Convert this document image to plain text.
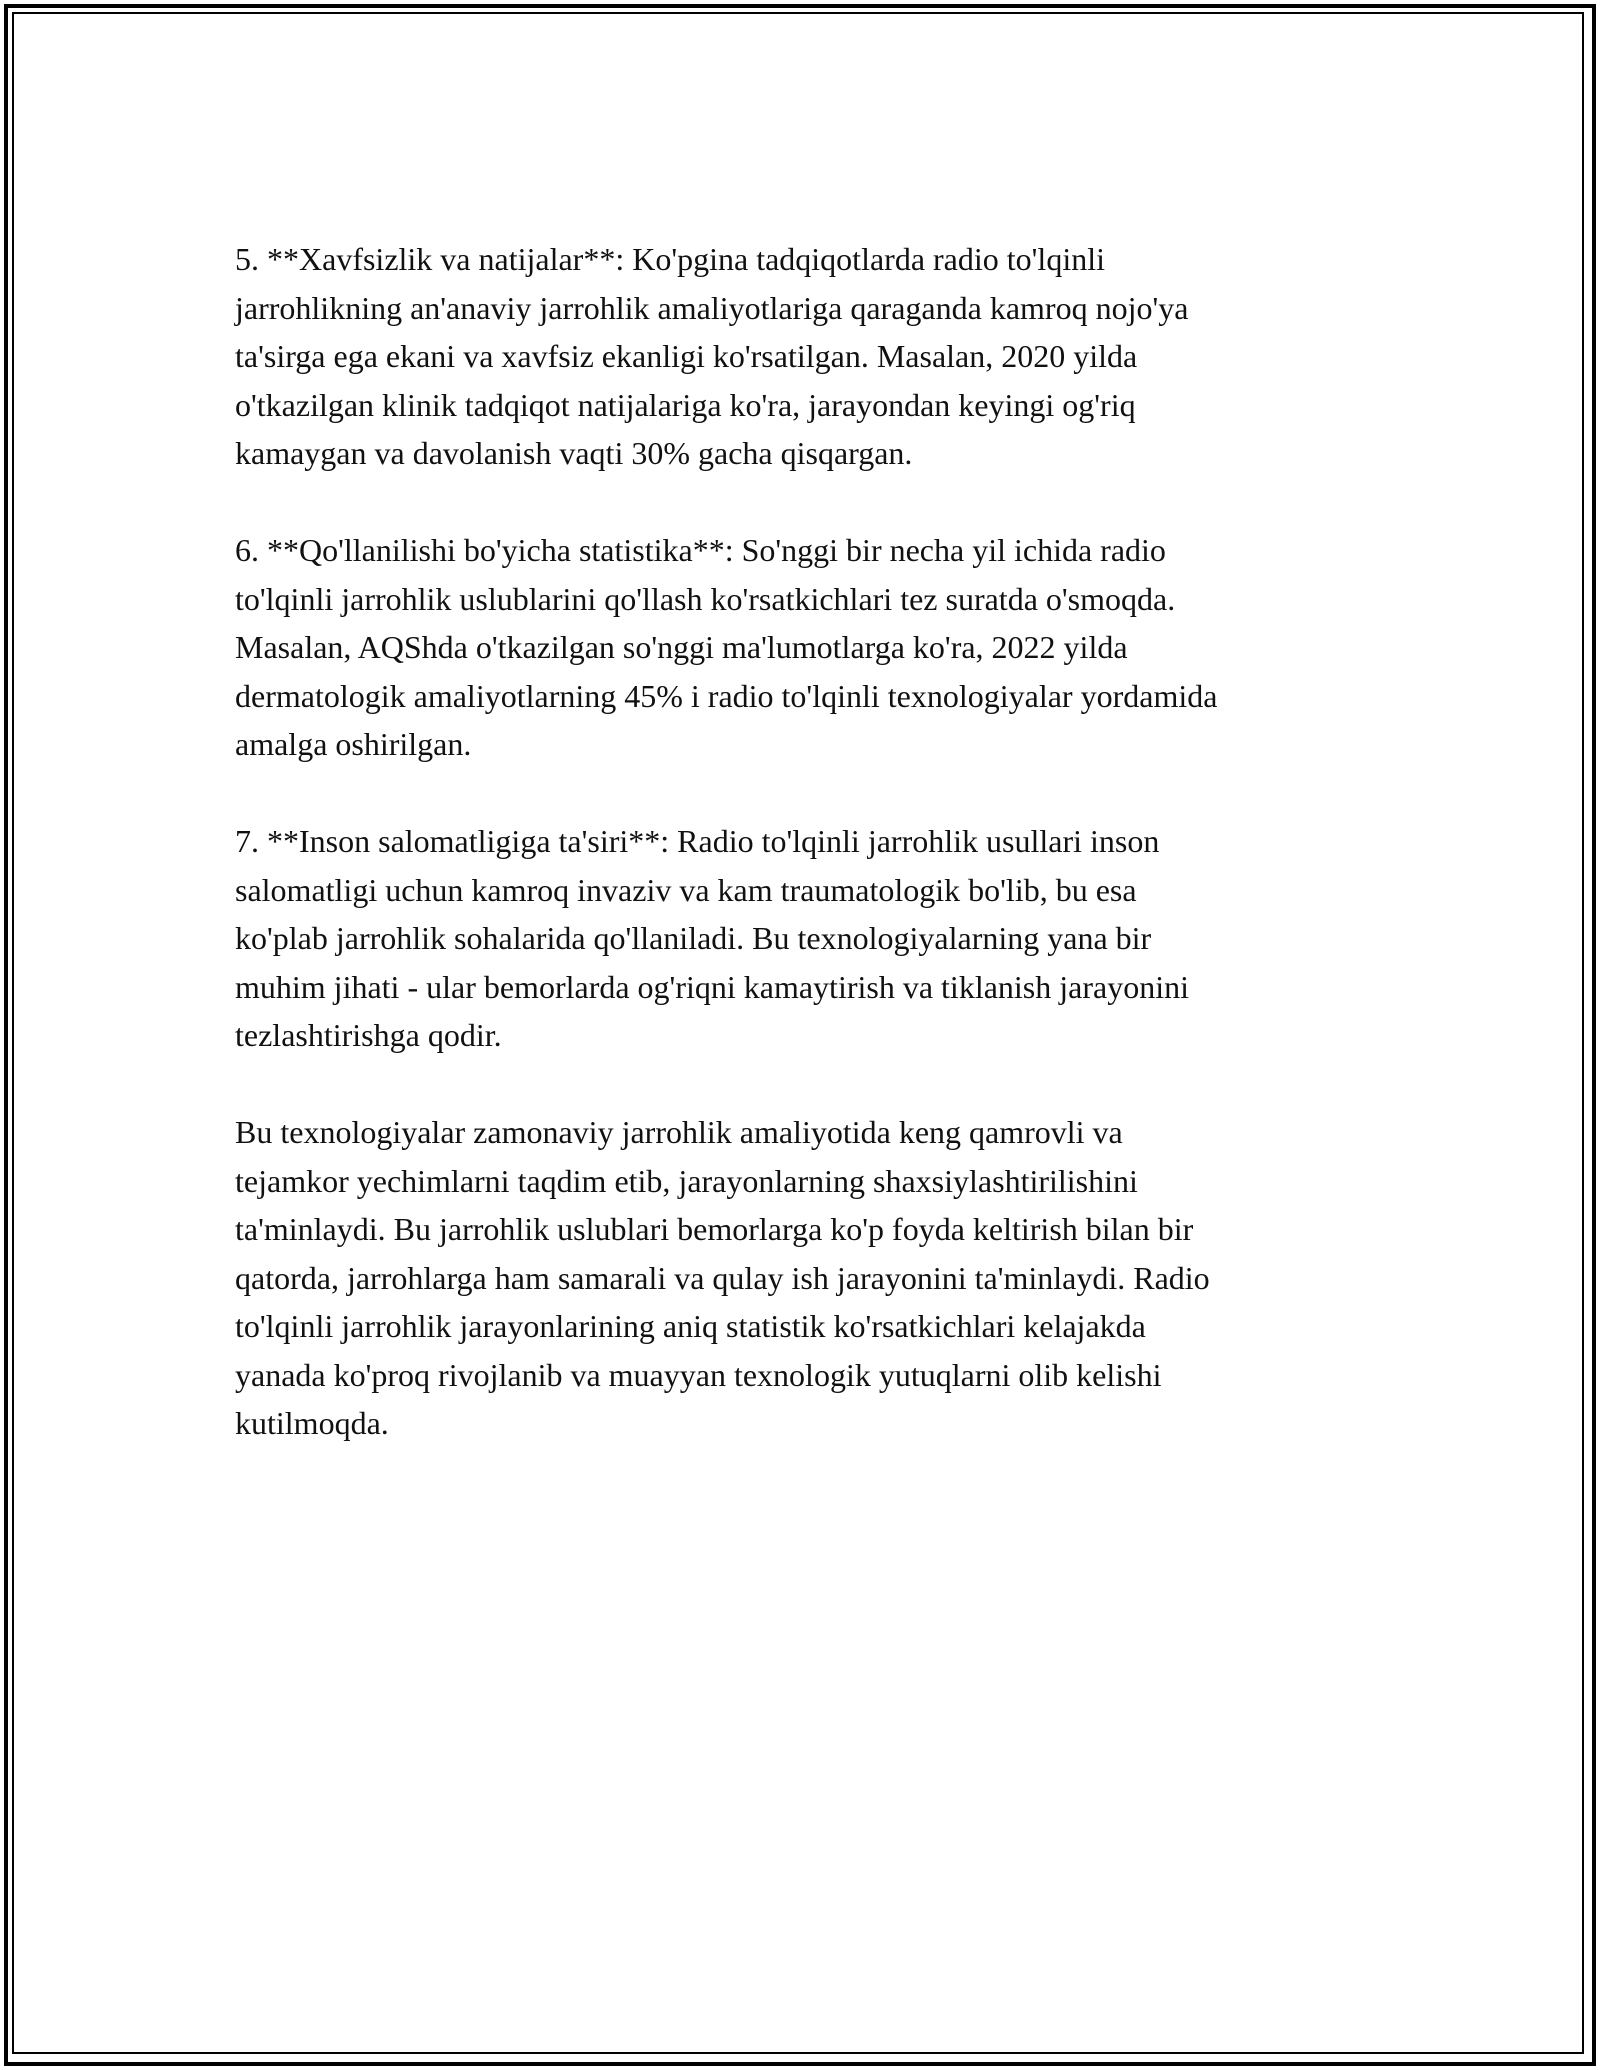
5. **Xavfsizlik va natijalar**: Ko'pgina tadqiqotlarda radio to'lqinli
jarrohlikning an'anaviy jarrohlik amaliyotlariga qaraganda kamroq nojo'ya
ta'sirga ega ekani va xavfsiz ekanligi ko'rsatilgan. Masalan, 2020 yilda
o'tkazilgan klinik tadqiqot natijalariga ko'ra, jarayondan keyingi og'riq
kamaygan va davolanish vaqti 30% gacha qisqargan.

6. **Qo'llanilishi bo'yicha statistika**: So'nggi bir necha yil ichida radio
to'lqinli jarrohlik uslublarini qo'llash ko'rsatkichlari tez suratda o'smoqda.
Masalan, AQShda o'tkazilgan so'nggi ma'lumotlarga ko'ra, 2022 yilda
dermatologik amaliyotlarning 45% i radio to'lqinli texnologiyalar yordamida
amalga oshirilgan.

7. **Inson salomatligiga ta'siri**: Radio to'lqinli jarrohlik usullari inson
salomatligi uchun kamroq invaziv va kam traumatologik bo'lib, bu esa
ko'plab jarrohlik sohalarida qo'llaniladi. Bu texnologiyalarning yana bir
muhim jihati - ular bemorlarda og'riqni kamaytirish va tiklanish jarayonini
tezlashtirishga qodir.

Bu texnologiyalar zamonaviy jarrohlik amaliyotida keng qamrovli va
tejamkor yechimlarni taqdim etib, jarayonlarning shaxsiylashtirilishini
ta'minlaydi. Bu jarrohlik uslublari bemorlarga ko'p foyda keltirish bilan bir
qatorda, jarrohlarga ham samarali va qulay ish jarayonini ta'minlaydi. Radio
to'lqinli jarrohlik jarayonlarining aniq statistik ko'rsatkichlari kelajakda
yanada ko'proq rivojlanib va muayyan texnologik yutuqlarni olib kelishi
kutilmoqda.
